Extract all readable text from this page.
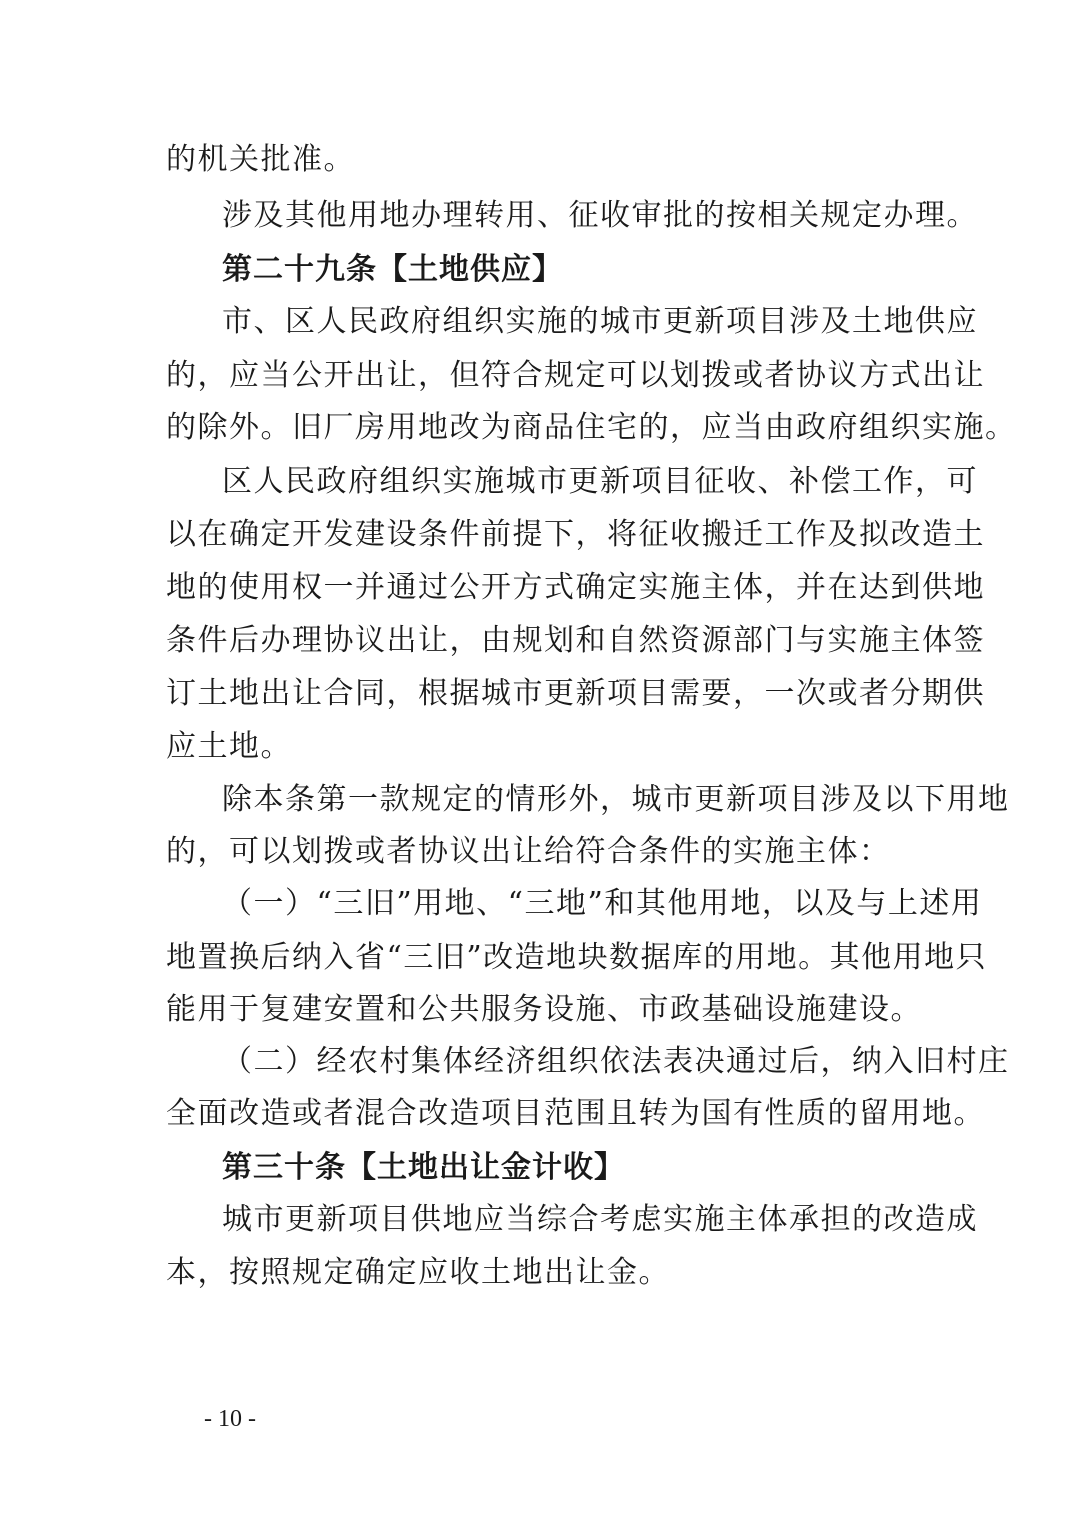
的机关批准。
涉及其他用地办理转用、征收审批的按相关规定办理。
第二十九条【土地供应】
市、区人民政府组织实施的城市更新项目涉及土地供应
的，应当公开出让，但符合规定可以划拨或者协议方式出让
的除外。旧厂房用地改为商品住宅的，应当由政府组织实施。
区人民政府组织实施城市更新项目征收、补偿工作，可
以在确定开发建设条件前提下，将征收搬迁工作及拟改造土
地的使用权一并通过公开方式确定实施主体，并在达到供地
条件后办理协议出让，由规划和自然资源部门与实施主体签
订土地出让合同，根据城市更新项目需要，一次或者分期供
应土地。
除本条第一款规定的情形外，城市更新项目涉及以下用地
的，可以划拨或者协议出让给符合条件的实施主体：
（一）“三旧”用地、“三地”和其他用地，以及与上述用
地置换后纳入省“三旧”改造地块数据库的用地。其他用地只
能用于复建安置和公共服务设施、市政基础设施建设。
（二）经农村集体经济组织依法表决通过后，纳入旧村庄
全面改造或者混合改造项目范围且转为国有性质的留用地。
第三十条【土地出让金计收】
城市更新项目供地应当综合考虑实施主体承担的改造成
本，按照规定确定应收土地出让金。
- 10 -
